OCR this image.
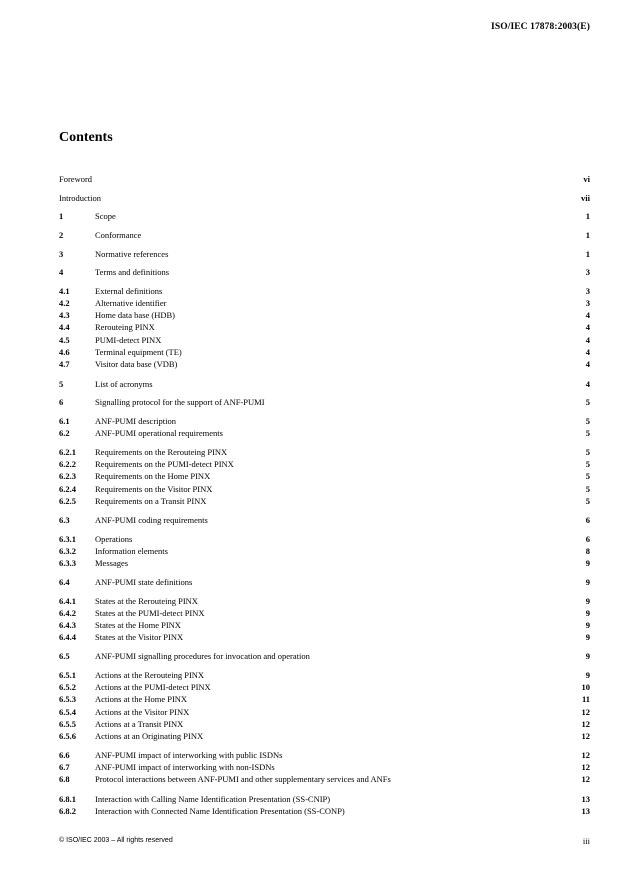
ISO/IEC 17878:2003(E)
Contents
Foreword	vi
Introduction	vii
1	Scope	1
2	Conformance	1
3	Normative references	1
4	Terms and definitions	3
4.1	External definitions	3
4.2	Alternative identifier	3
4.3	Home data base (HDB)	4
4.4	Rerouteing PINX	4
4.5	PUMI-detect PINX	4
4.6	Terminal equipment (TE)	4
4.7	Visitor data base (VDB)	4
5	List of acronyms	4
6	Signalling protocol for the support of ANF-PUMI	5
6.1	ANF-PUMI description	5
6.2	ANF-PUMI operational requirements	5
6.2.1 Requirements on the Rerouteing PINX	5
6.2.2 Requirements on the PUMI-detect PINX	5
6.2.3 Requirements on the Home PINX	5
6.2.4 Requirements on the Visitor PINX	5
6.2.5 Requirements on a Transit PINX	5
6.3	ANF-PUMI coding requirements	6
6.3.1 Operations	6
6.3.2 Information elements	8
6.3.3 Messages	9
6.4	ANF-PUMI state definitions	9
6.4.1 States at the Rerouteing PINX	9
6.4.2 States at the PUMI-detect PINX	9
6.4.3 States at the Home PINX	9
6.4.4 States at the Visitor PINX	9
6.5	ANF-PUMI signalling procedures for invocation and operation	9
6.5.1 Actions at the Rerouteing PINX	9
6.5.2 Actions at the PUMI-detect PINX	10
6.5.3 Actions at the Home PINX	11
6.5.4 Actions at the Visitor PINX	12
6.5.5 Actions at a Transit PINX	12
6.5.6 Actions at an Originating PINX	12
6.6	ANF-PUMI impact of interworking with public ISDNs	12
6.7	ANF-PUMI impact of interworking with non-ISDNs	12
6.8	Protocol interactions between ANF-PUMI and other supplementary services and ANFs	12
6.8.1 Interaction with Calling Name Identification Presentation (SS-CNIP)	13
6.8.2 Interaction with Connected Name Identification Presentation (SS-CONP)	13
© ISO/IEC 2003 – All rights reserved	iii
